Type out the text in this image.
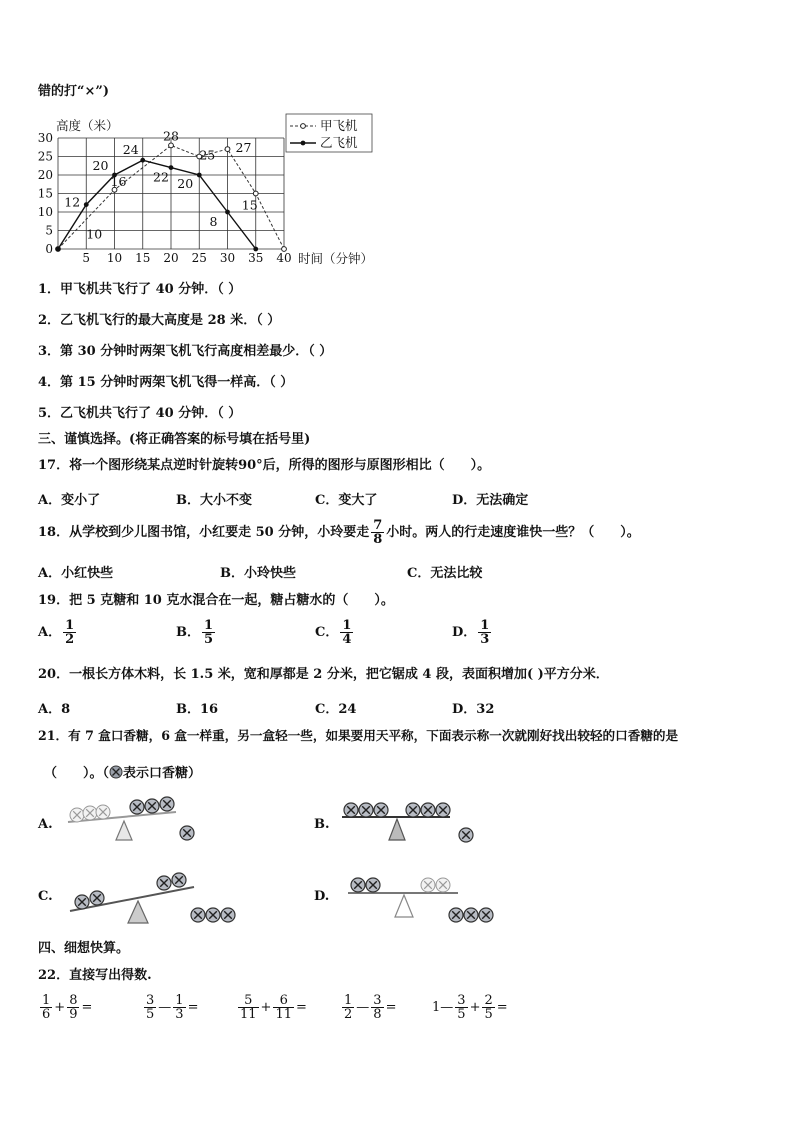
错的打“×”)
5 10 15 20 25 30 35 40
0
5
10
15
20
25
30
高度（米）
时间（分钟）
16
28
25 27
15
12
20
24
22 20
8
10
甲飞机
乙飞机
1．甲飞机共飞行了 40 分钟．（ ）
2．乙飞机飞行的最大高度是 28 米．（ ）
3．第 30 分钟时两架飞机飞行高度相差最少．（ ）
4．第 15 分钟时两架飞机飞得一样高．（ ）
5．乙飞机共飞行了 40 分钟．（ ）
三、谨慎选择。(将正确答案的标号填在括号里)
17．将一个图形绕某点逆时针旋转90°后，所得的图形与原图形相比（　　）。
A．变小了	B．大小不变	C．变大了	D．无法确定
18．从学校到少儿图书馆，小红要走 50 分钟，小玲要走 $\frac{7}{8}$ 小时。两人的行走速度谁快一些？（　　）。
A．小红快些	B．小玲快些	C．无法比较
19．把 5 克糖和 10 克水混合在一起，糖占糖水的（　　）。
A． $\frac{1}{2}$	B． $\frac{1}{5}$	C． $\frac{1}{4}$	D． $\frac{1}{3}$
20．一根长方体木料，长 1.5 米，宽和厚都是 2 分米，把它锯成 4 段，表面积增加( )平方分米．
A．8	B．16	C．24	D．32
21．有 7 盒口香糖，6 盒一样重，另一盒轻一些，如果要用天平称，下面表示称一次就刚好找出较轻的口香糖的是
（　　）。（ 表示口香糖）
A.	B.
C.	D.
四、细想快算。
22．直接写出得数.
$\frac{1}{6} + \frac{8}{9}$ =	$\frac{3}{5}$ — $\frac{1}{3}$ =	$\frac{5}{11} + \frac{6}{11}$ =	$\frac{1}{2}$ — $\frac{3}{8}$ =	1— $\frac{3}{5} + \frac{2}{5}$ =
